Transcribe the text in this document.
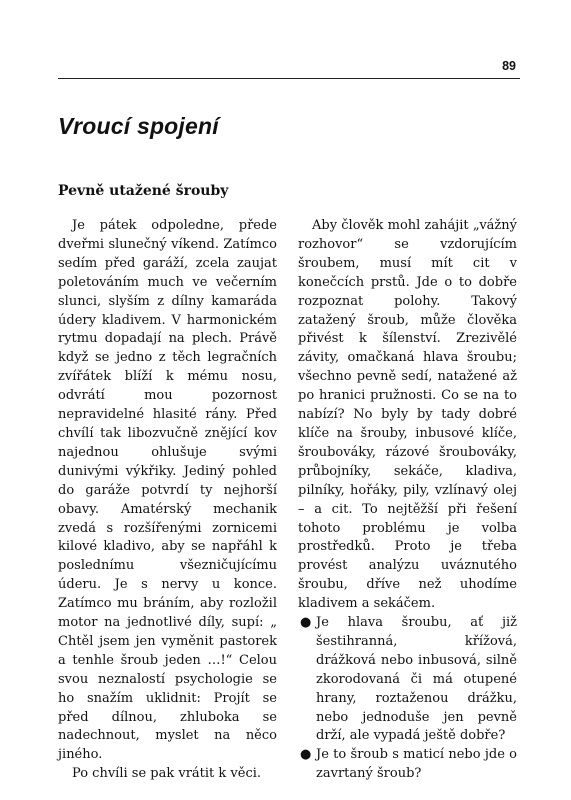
89
Vroucí spojení
Pevně utažené šrouby

Je pátek odpoledne, přede dveřmi slunečný víkend. Zatímco sedím před garáží, zcela zaujat poletováním much ve večerním slunci, slyším z dílny kamaráda údery kladivem. V harmonickém rytmu dopadají na plech. Právě když se jedno z těch legračních zvířátek blíží k mému nosu, odvrátí mou pozornost nepravidelné hlasité rány. Před chvílí tak libozvučně znějící kov najednou ohlušuje svými dunivými výkřiky. Jediný pohled do garáže potvrdí ty nejhorší obavy. Amatérský mechanik zvedá s rozšířenými zornicemi kilové kladivo, aby se napřáhl k poslednímu všezničujícímu úderu. Je s nervy u konce. Zatímco mu bráním, aby rozložil motor na jednotlivé díly, supí: „ Chtěl jsem jen vyměnit pastorek a tenhle šroub jeden …!“ Celou svou neznalostí psychologie se ho snažím uklidnit: Projít se před dílnou, zhluboka se nadechnout, myslet na něco jiného.

Po chvíli se pak vrátit k věci.

Aby člověk mohl zahájit „vážný rozhovor“ se vzdorujícím šroubem, musí mít cit v konečcích prstů. Jde o to dobře rozpoznat polohy. Takový zatažený šroub, může člověka přivést k šílenství. Zrezivělé závity, omačkaná hlava šroubu; všechno pevně sedí, natažené až po hranici pružnosti. Co se na to nabízí? No byly by tady dobré klíče na šrouby, inbusové klíče, šroubováky, rázové šroubováky, průbojníky, sekáče, kladiva, pilníky, hořáky, pily, vzlínavý olej – a cit. To nejtěžší při řešení tohoto problému je volba prostředků. Proto je třeba provést analýzu uváznutého šroubu, dříve než uhodíme kladivem a sekáčem.

● Je hlava šroubu, ať již šestihranná, křížová, drážková nebo inbusová, silně zkorodovaná či má otupené hrany, roztaženou drážku, nebo jednoduše jen pevně drží, ale vypadá ještě dobře?
● Je to šroub s maticí nebo jde o zavrtaný šroub?
